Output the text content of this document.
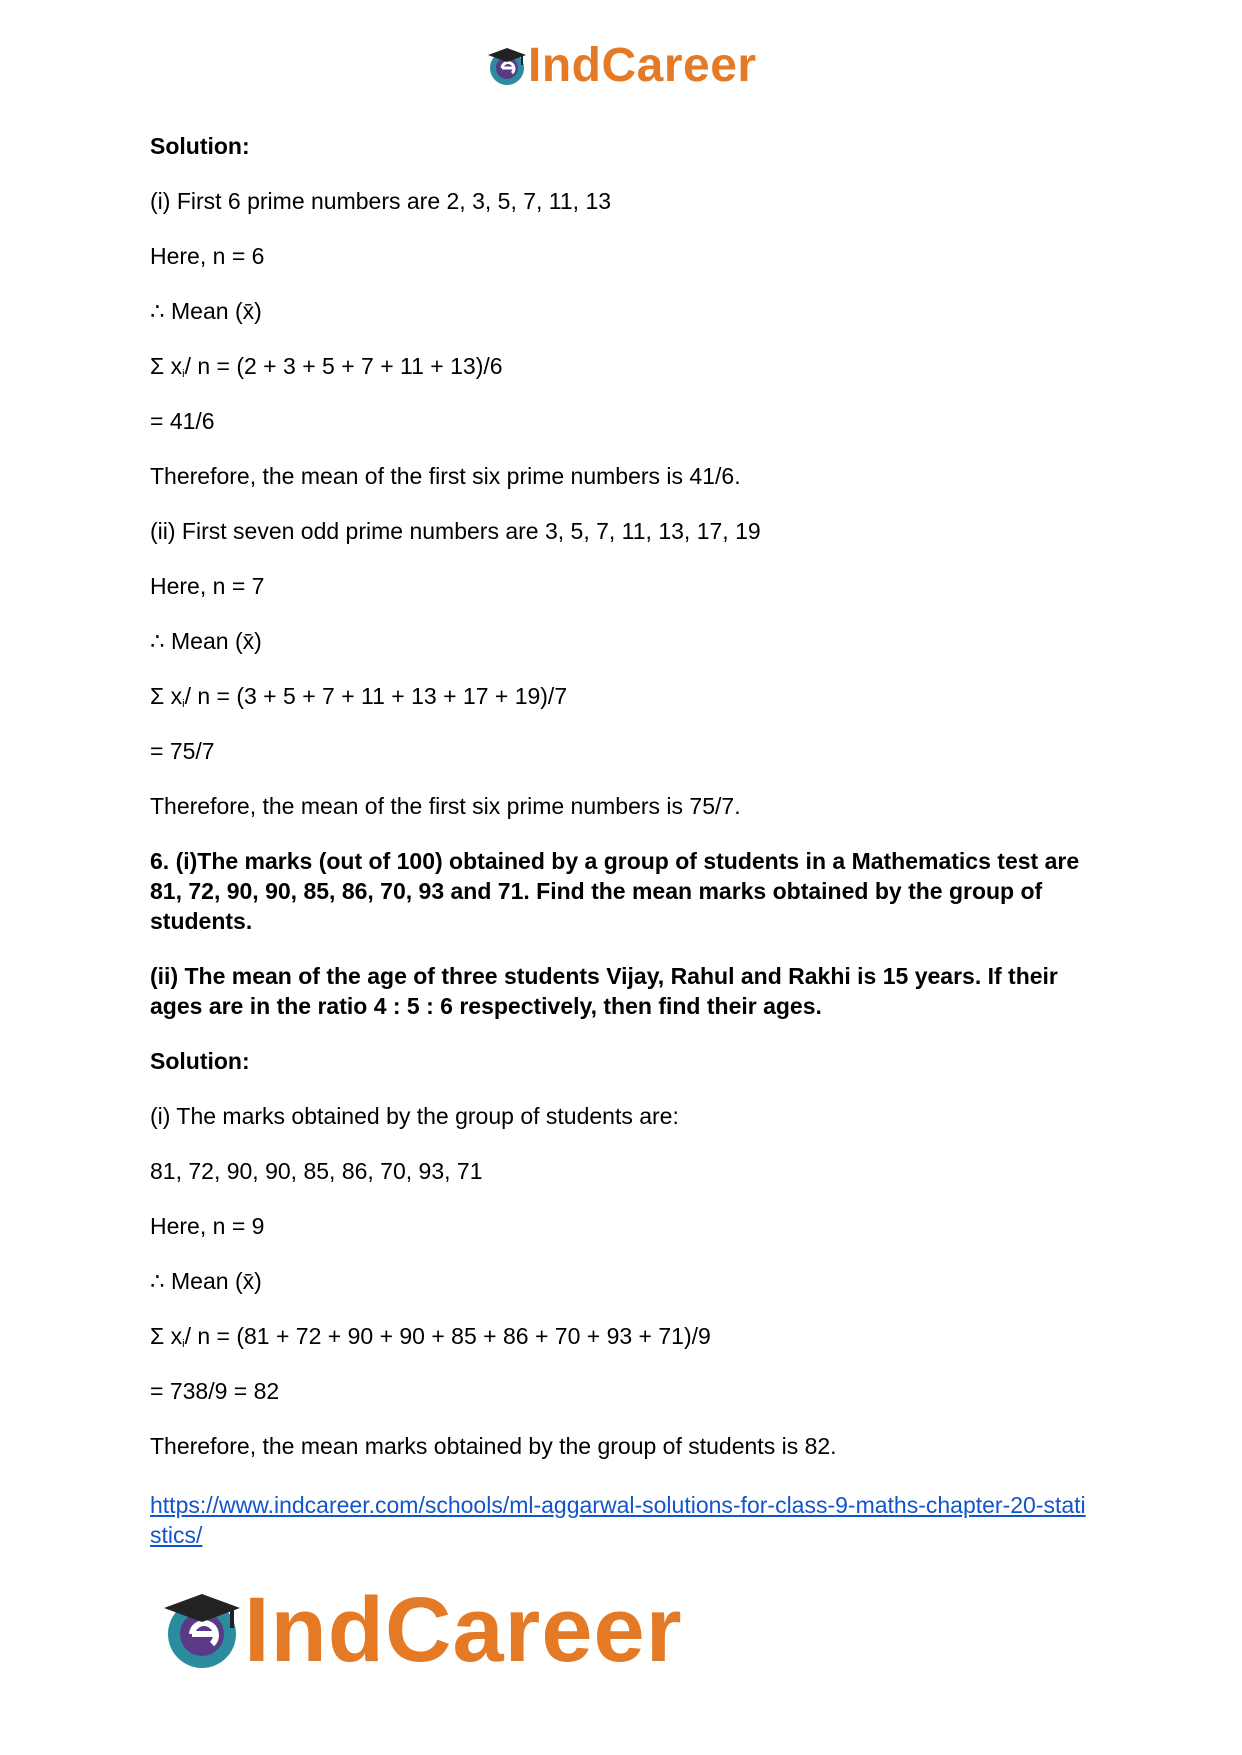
IndCareer
Solution:
(i) First 6 prime numbers are 2, 3, 5, 7, 11, 13
Here, n = 6
∴ Mean (x̄)
Σ $x_i/$ n = (2 + 3 + 5 + 7 + 11 + 13)/6
= 41/6
Therefore, the mean of the first six prime numbers is 41/6.
(ii) First seven odd prime numbers are 3, 5, 7, 11, 13, 17, 19
Here, n = 7
∴ Mean (x̄)
Σ $x_i/$ n = (3 + 5 + 7 + 11 + 13 + 17 + 19)/7
= 75/7
Therefore, the mean of the first six prime numbers is 75/7.
6. (i)The marks (out of 100) obtained by a group of students in a Mathematics test are 81, 72, 90, 90, 85, 86, 70, 93 and 71. Find the mean marks obtained by the group of students.
(ii) The mean of the age of three students Vijay, Rahul and Rakhi is 15 years. If their ages are in the ratio 4 : 5 : 6 respectively, then find their ages.
Solution:
(i) The marks obtained by the group of students are:
81, 72, 90, 90, 85, 86, 70, 93, 71
Here, n = 9
∴ Mean (x̄)
Σ $x_i/$ n = (81 + 72 + 90 + 90 + 85 + 86 + 70 + 93 + 71)/9
= 738/9 = 82
Therefore, the mean marks obtained by the group of students is 82.
https://www.indcareer.com/schools/ml-aggarwal-solutions-for-class-9-maths-chapter-20-statistics/
IndCareer
